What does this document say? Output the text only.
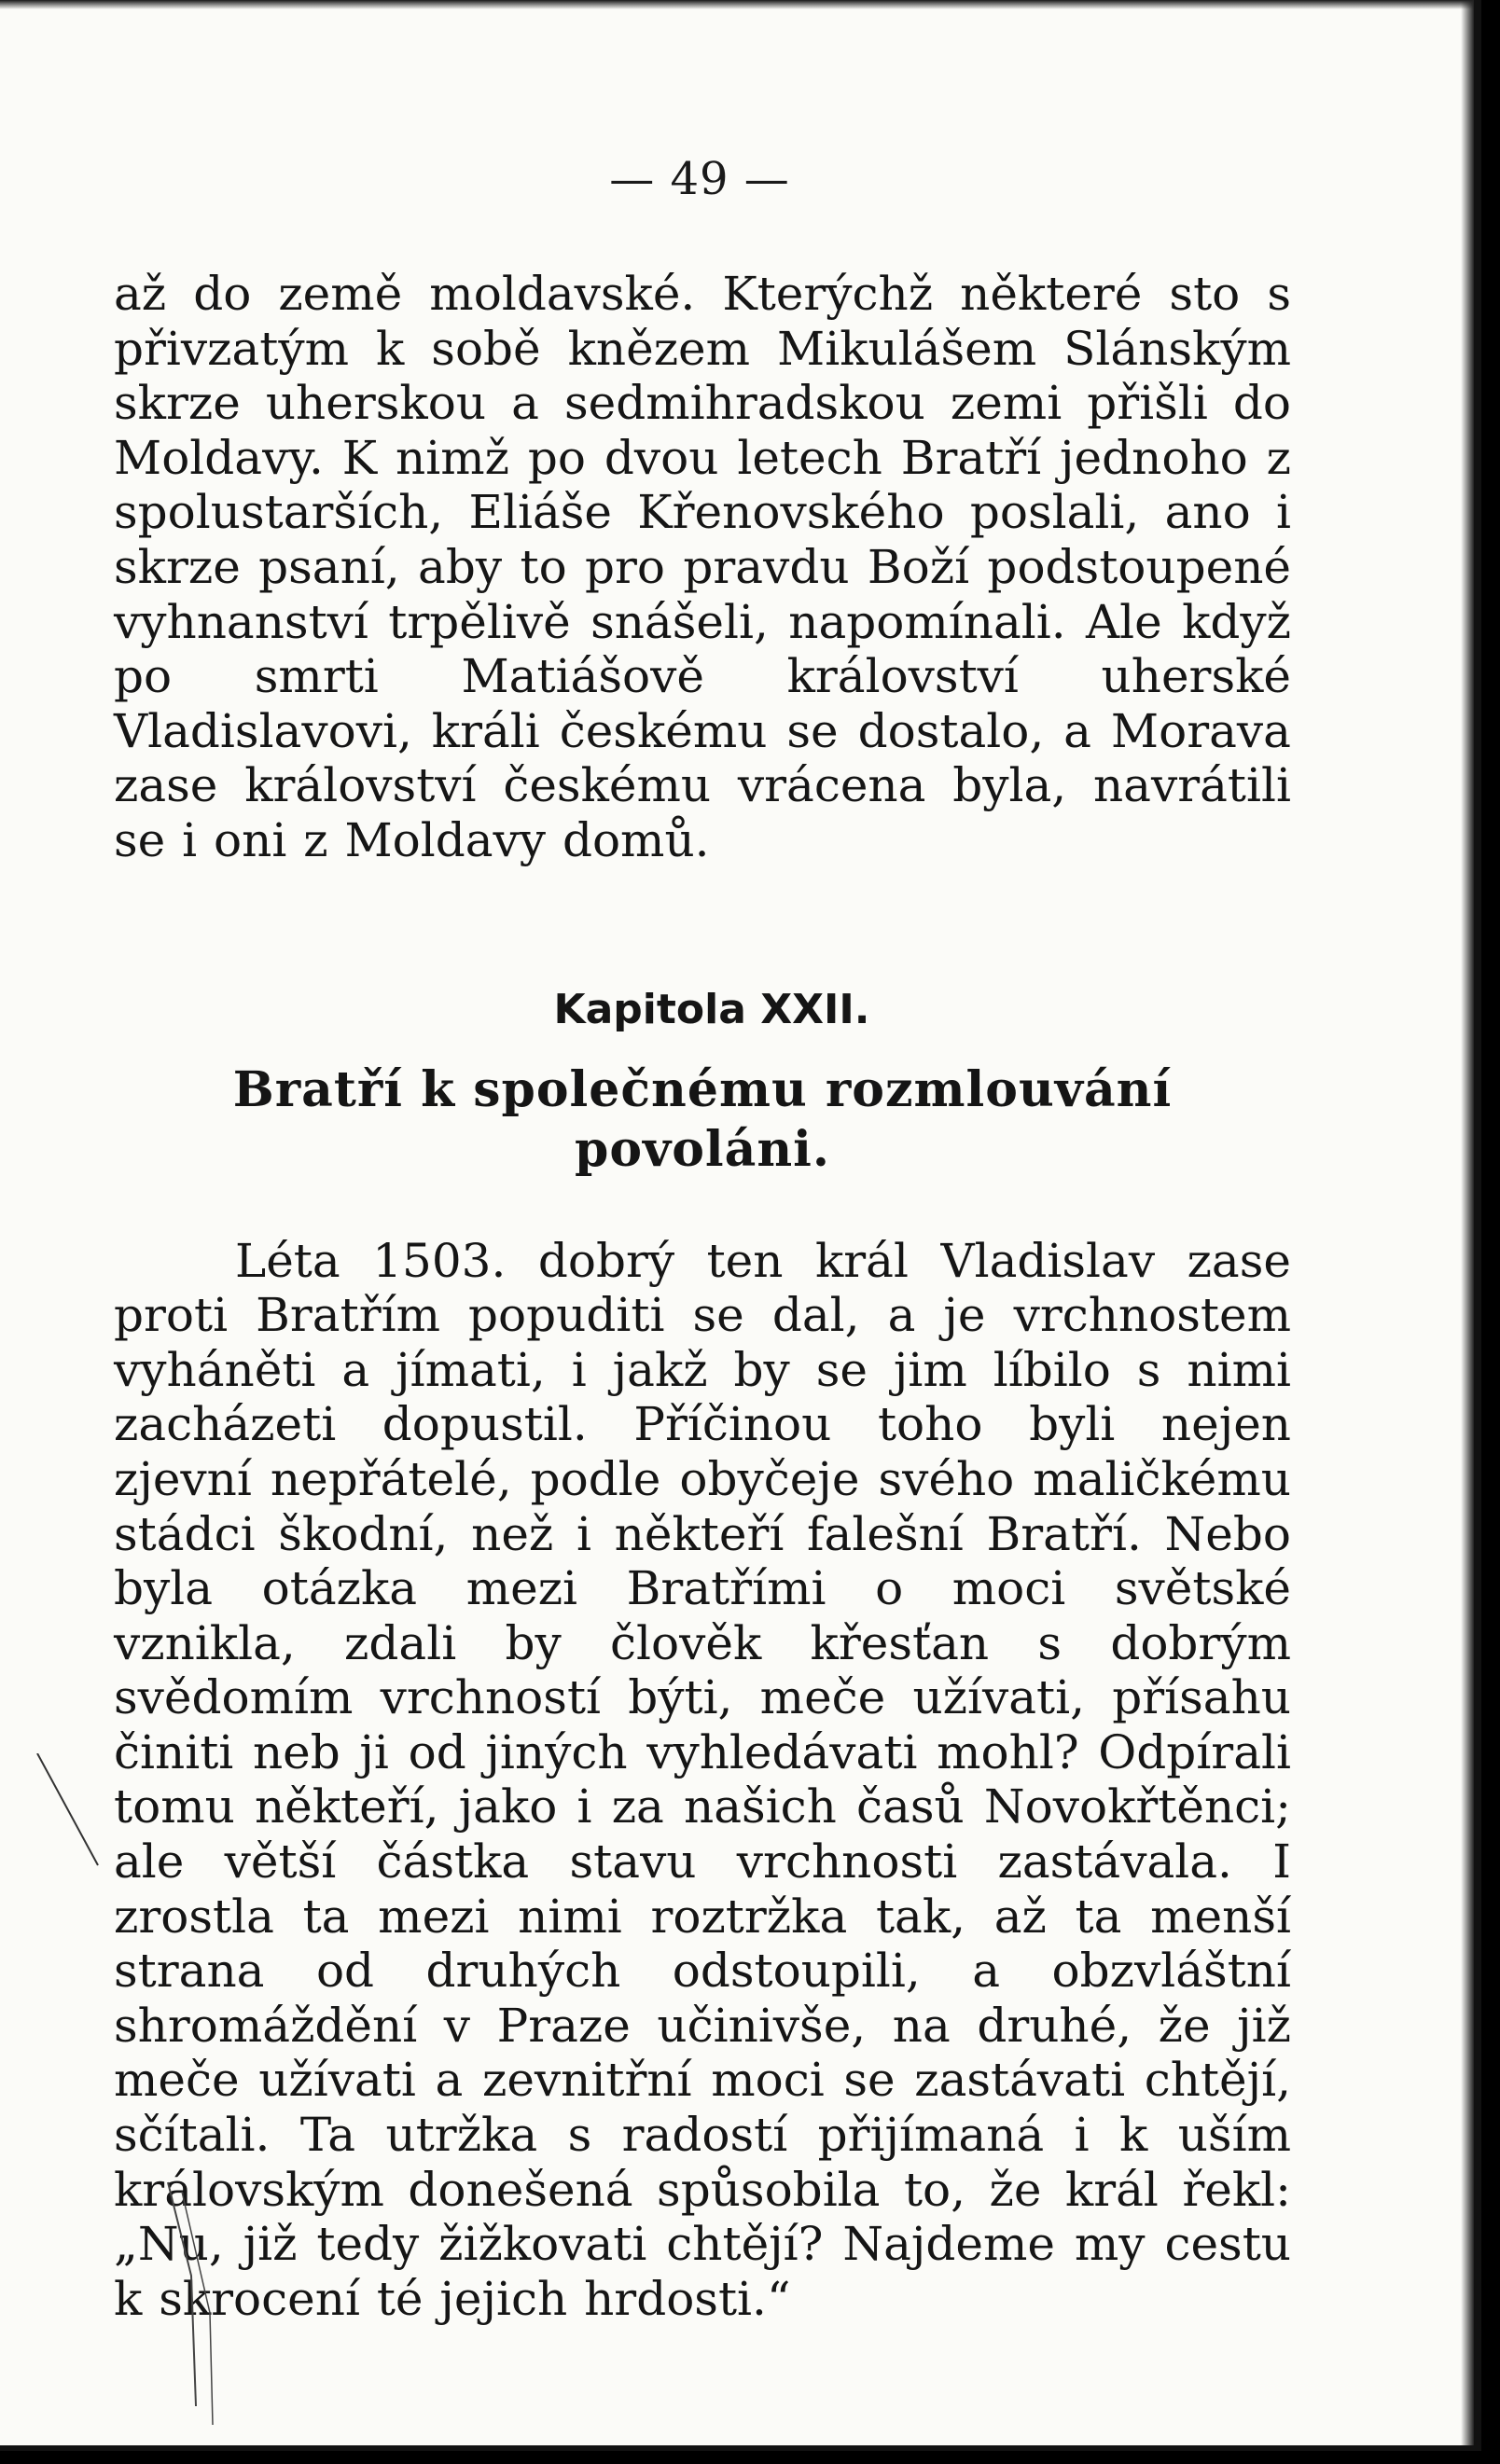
— 49 —

až do země moldavské. Kterýchž některé sto s přivzatým k sobě knězem Mikulášem Slánským skrze uherskou a sedmihradskou zemi přišli do Moldavy. K nimž po dvou letech Bratří jednoho z spolustarších, Eliáše Křenovského poslali, ano i skrze psaní, aby to pro pravdu Boží podstoupené vyhnanství trpělivě snášeli, napomínali. Ale když po smrti Matiášově království uherské Vladislavovi, králi českému se dostalo, a Morava zase království českému vrácena byla, navrátili se i oni z Moldavy domů.

Kapitola XXII.
Bratří k společnému rozmlouvání povoláni.

Léta 1503. dobrý ten král Vladislav zase proti Bratřím popuditi se dal, a je vrchnostem vyháněti a jímati, i jakž by se jim líbilo s nimi zacházeti dopustil. Příčinou toho byli nejen zjevní nepřátelé, podle obyčeje svého maličkému stádci škodní, než i někteří falešní Bratří. Nebo byla otázka mezi Bratřími o moci světské vznikla, zdali by člověk křesťan s dobrým svědomím vrchností býti, meče užívati, přísahu činiti neb ji od jiných vyhledávati mohl? Odpírali tomu někteří, jako i za našich časů Novokřtěnci; ale větší částka stavu vrchnosti zastávala. I zrostla ta mezi nimi roztržka tak, až ta menší strana od druhých odstoupili, a obzvláštní shromáždění v Praze učinivše, na druhé, že již meče užívati a zevnitřní moci se zastávati chtějí, sčítali. Ta utržka s radostí přijímaná i k uším královským donešená spůsobila to, že král řekl: „Nu, již tedy žižkovati chtějí? Najdeme my cestu k skrocení té jejich hrdosti.“
